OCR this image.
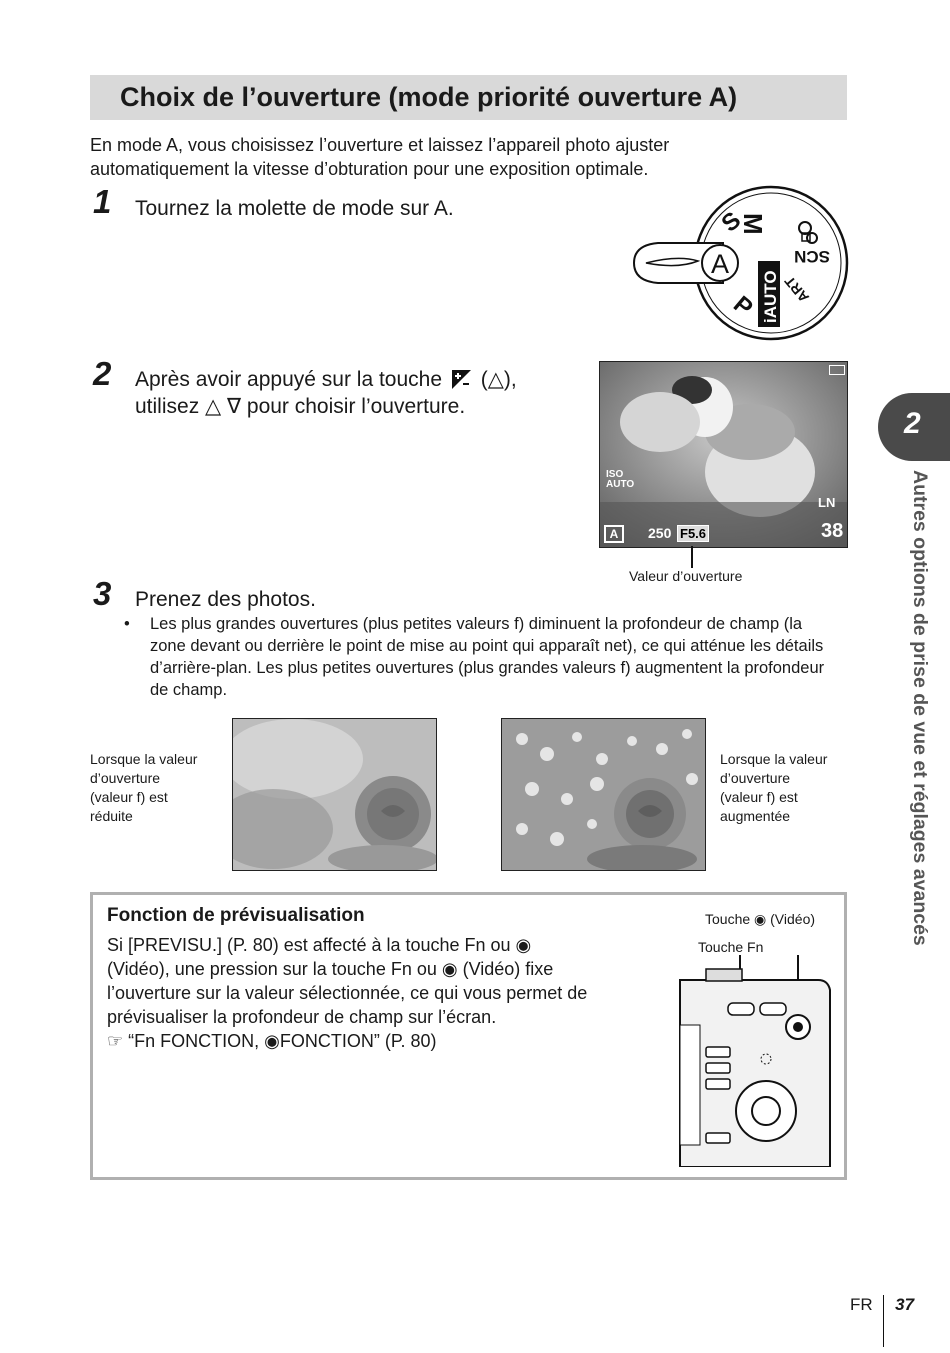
Choix de l’ouverture (mode priorité ouverture A)
En mode A, vous choisissez l’ouverture et laissez l’appareil photo ajuster
automatiquement la vitesse d’obturation pour une exposition optimale.
1 Tournez la molette de mode sur A.
A
P
S
M
SCN
ART
iAUTO
2 Après avoir appuyé sur la touche (△),
utilisez △ ∇ pour choisir l’ouverture.
ISO
AUTO
LN
A	250 F5.6	38
Valeur d’ouverture
3 Prenez des photos.
• Les plus grandes ouvertures (plus petites valeurs f) diminuent la profondeur de champ (la zone devant ou derrière le point de mise au point qui apparaît net), ce qui atténue les détails d’arrière-plan. Les plus petites ouvertures (plus grandes valeurs f) augmentent la profondeur de champ.
Lorsque la valeur
d’ouverture
(valeur f) est
réduite
Lorsque la valeur
d’ouverture
(valeur f) est
augmentée
Fonction de prévisualisation
Si [PREVISU.] (P. 80) est affecté à la touche Fn ou ◉
(Vidéo), une pression sur la touche Fn ou ◉ (Vidéo) fixe
l’ouverture sur la valeur sélectionnée, ce qui vous permet de
prévisualiser la profondeur de champ sur l’écran.
☞ “Fn FONCTION, ◉FONCTION” (P. 80)
Touche ◉ (Vidéo)
Touche Fn
2
Autres options de prise de vue et réglages avancés
FR 37
